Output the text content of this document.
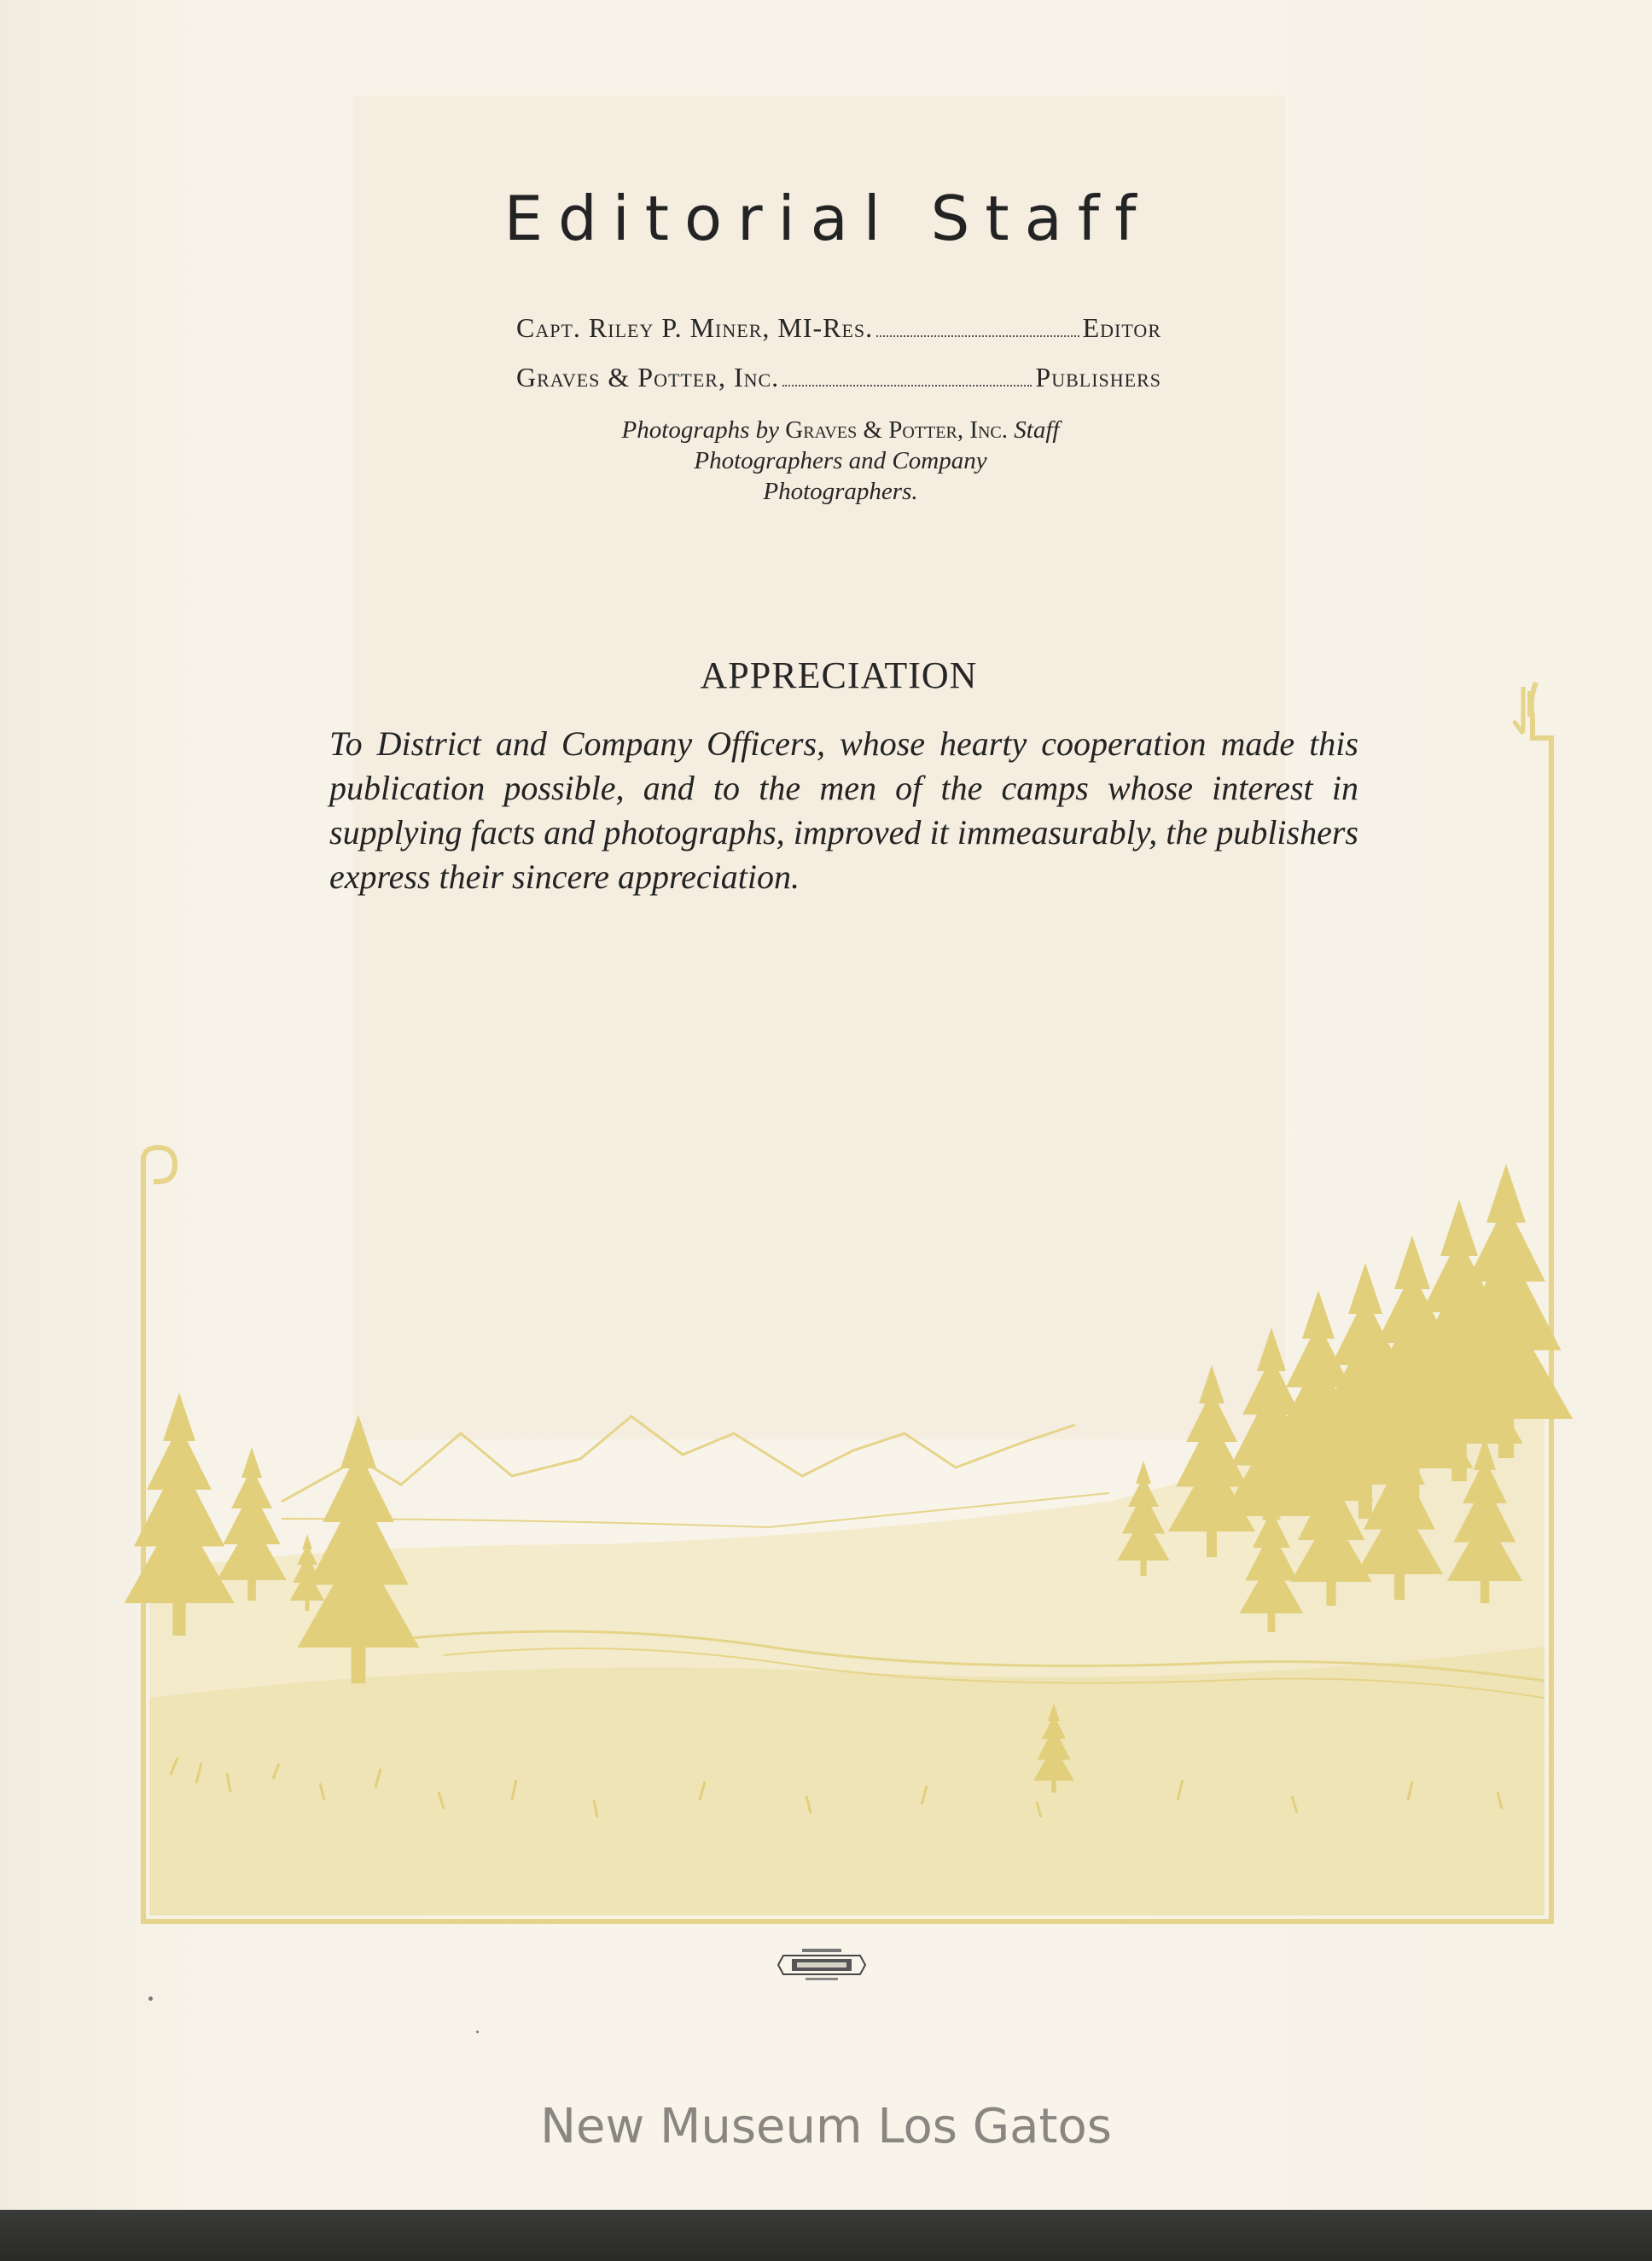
Editorial Staff
Capt. Riley P. Miner, MI-Res.	Editor
Graves & Potter, Inc.	Publishers
Photographs by Graves & Potter, Inc. Staff
Photographers and Company
Photographers.
APPRECIATION
To District and Company Officers, whose hearty cooperation made this publication possible, and to the men of the camps whose interest in supplying facts and photographs, improved it immeasurably, the publishers express their sincere appreciation.
New Museum Los Gatos
